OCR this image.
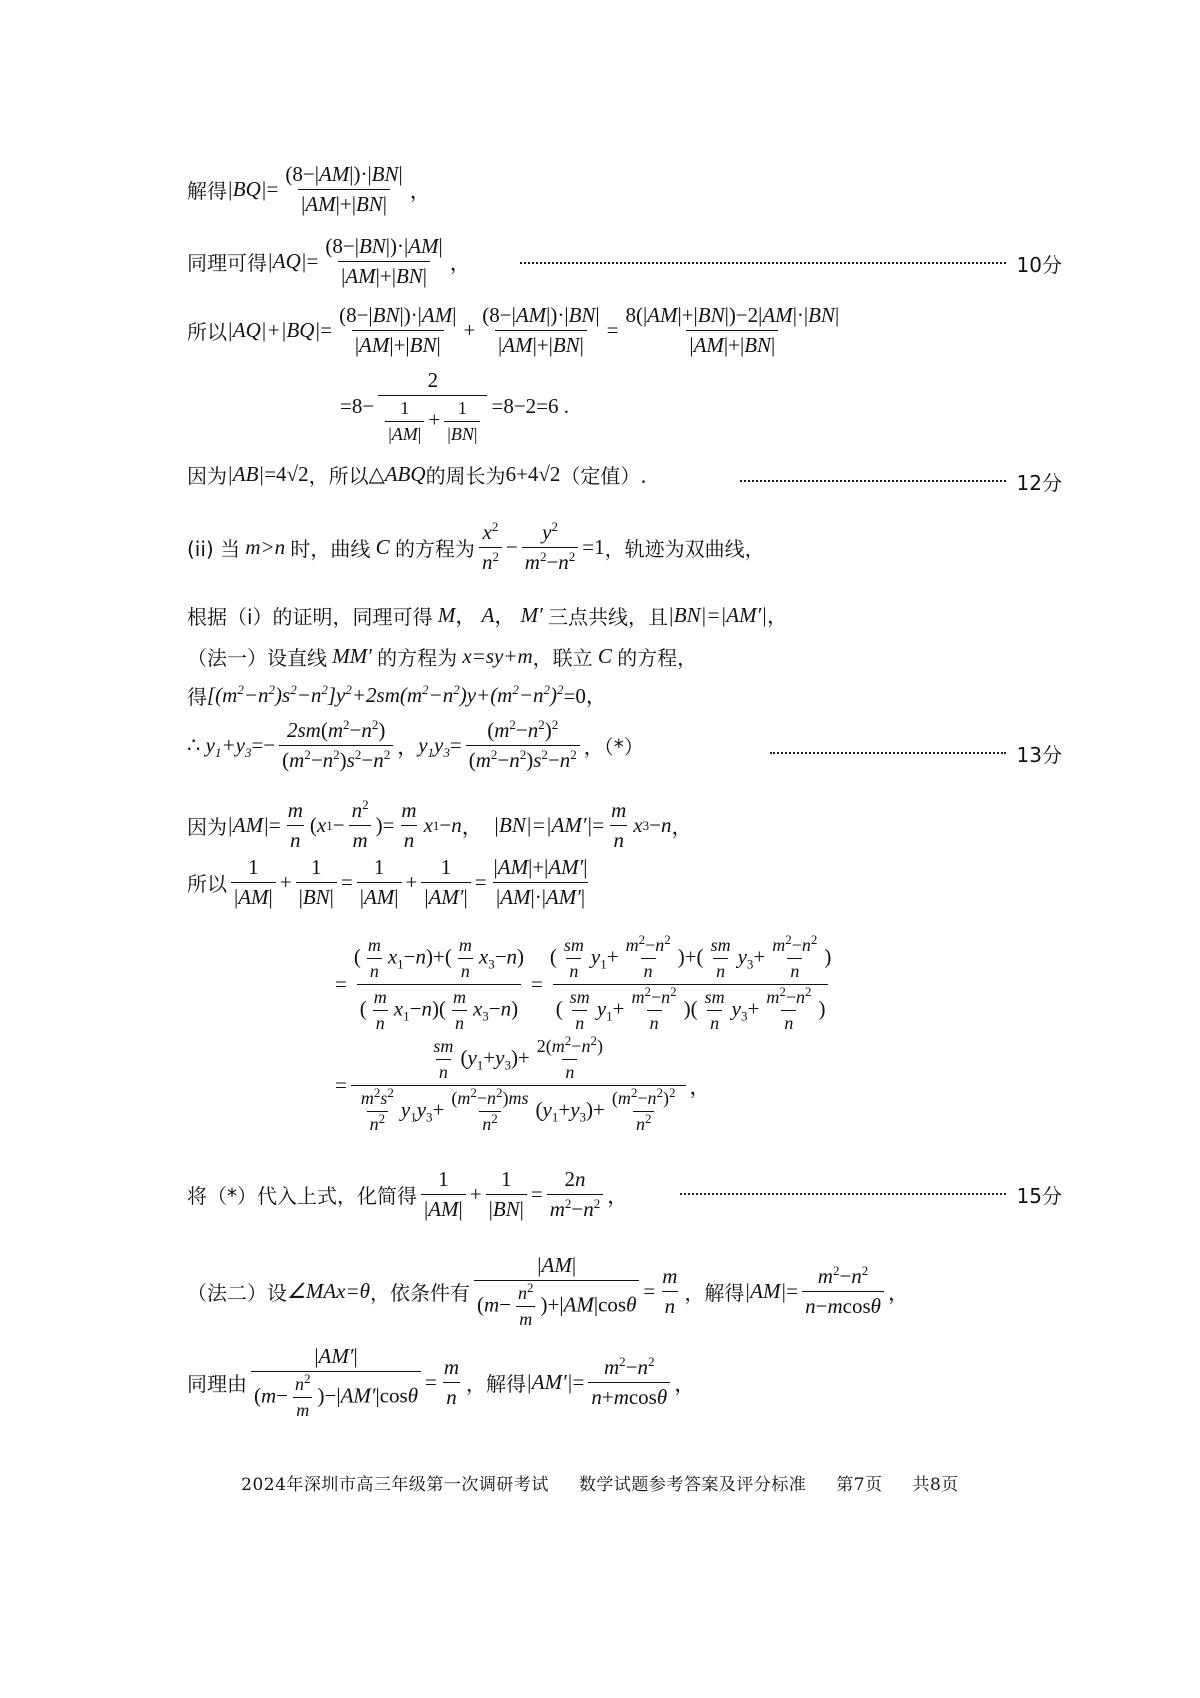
解得 $|BQ| = \frac{(8-|AM|)\cdot|BN|}{|AM|+|BN|}$ ，
同理可得 $|AQ| = \frac{(8-|BN|)\cdot|AM|}{|AM|+|BN|}$ ，	10分
所以 $|AQ|+|BQ| = \frac{(8-|BN|)\cdot|AM|}{|AM|+|BN|} + \frac{(8-|AM|)\cdot|BN|}{|AM|+|BN|} = \frac{8(|AM|+|BN|)-2|AM|\cdot|BN|}{|AM|+|BN|}$
$=8- \frac{2}{\frac{1}{|AM|} + \frac{1}{|BN|}} =8-2=6$ .
因为 |AB| =4√2 ，所以 △ ABQ 的周长为 6+4√2 （定值）.	12分
(ii) 当 m>n 时，曲线 C 的方程为 $\frac{x^2}{n^2} - \frac{y^2}{m^2-n^2} =1$ ，轨迹为双曲线，
根据（ⅰ）的证明，同理可得 M ， A ， M′ 三点共线，且 |BN|=|AM′| ，
（法一）设直线 MM′ 的方程为 x=sy+m ，联立 C 的方程，
得 $[(m^2-n^2)s^2-n^2]y^2+2sm(m^2-n^2)y+(m^2-n^2)^2 =0$，
∴
$y_1+y_3 =- \frac{2sm(m^2-n^2)}{(m^2-n^2)s^2-n^2}$ ， $y_1y_3 = \frac{(m^2-n^2)^2}{(m^2-n^2)s^2-n^2}$ ，（*）	13分
因为 $|AM| = \frac{m}{n}$ ( x $1 - \frac{n^2}{m}$ )= $\frac{m}{n}$ x 1 − n ， $|BN|=|AM'| = \frac{m}{n}$ x 3 − n ，
所以 $\frac{1}{|AM|} + \frac{1}{|BN|} = \frac{1}{|AM|} + \frac{1}{|AM'|} = \frac{|AM|+|AM'|}{|AM|\cdot|AM'|}$
= $\frac{( \frac{m}{n} x_1-n)+( \frac{m}{n} x_3-n)}{( \frac{m}{n} x_1-n)( \frac{m}{n} x_3-n)} = \frac{( \frac{sm}{n} y_1+ \frac{m^2-n^2}{n} )+( \frac{sm}{n} y_3+ \frac{m^2-n^2}{n} )}{( \frac{sm}{n} y_1+ \frac{m^2-n^2}{n} )( \frac{sm}{n} y_3+ \frac{m^2-n^2}{n} )}$
= $\frac{\frac{sm}{n} (y_1+y_3)+ \frac{2(m^2-n^2)}{n}}{\frac{m^2s^2}{n^2} y_1y_3+ \frac{(m^2-n^2)ms}{n^2} (y_1+y_3)+ \frac{(m^2-n^2)^2}{n^2}}$ ，
将（*）代入上式，化简得 $\frac{1}{|AM|} + \frac{1}{|BN|} = \frac{2n}{m^2-n^2}$ ，	15分
（法二）设 ∠MAx=θ ，依条件有 $\frac{|AM|}{(m- \frac{n^2}{m} )+|AM|\cos\theta} = \frac{m}{n}$ ，解得 $|AM| = \frac{m^2-n^2}{n-mcos\theta}$ ，
同理由 $\frac{|AM'|}{(m- \frac{n^2}{m} )-|AM'|\cos\theta} = \frac{m}{n}$ ，解得 $|AM'| = \frac{m^2-n^2}{n+mcos\theta}$ ，
2024年深圳市高三年级第一次调研考试 数学试题参考答案及评分标准 第7页 共8页
